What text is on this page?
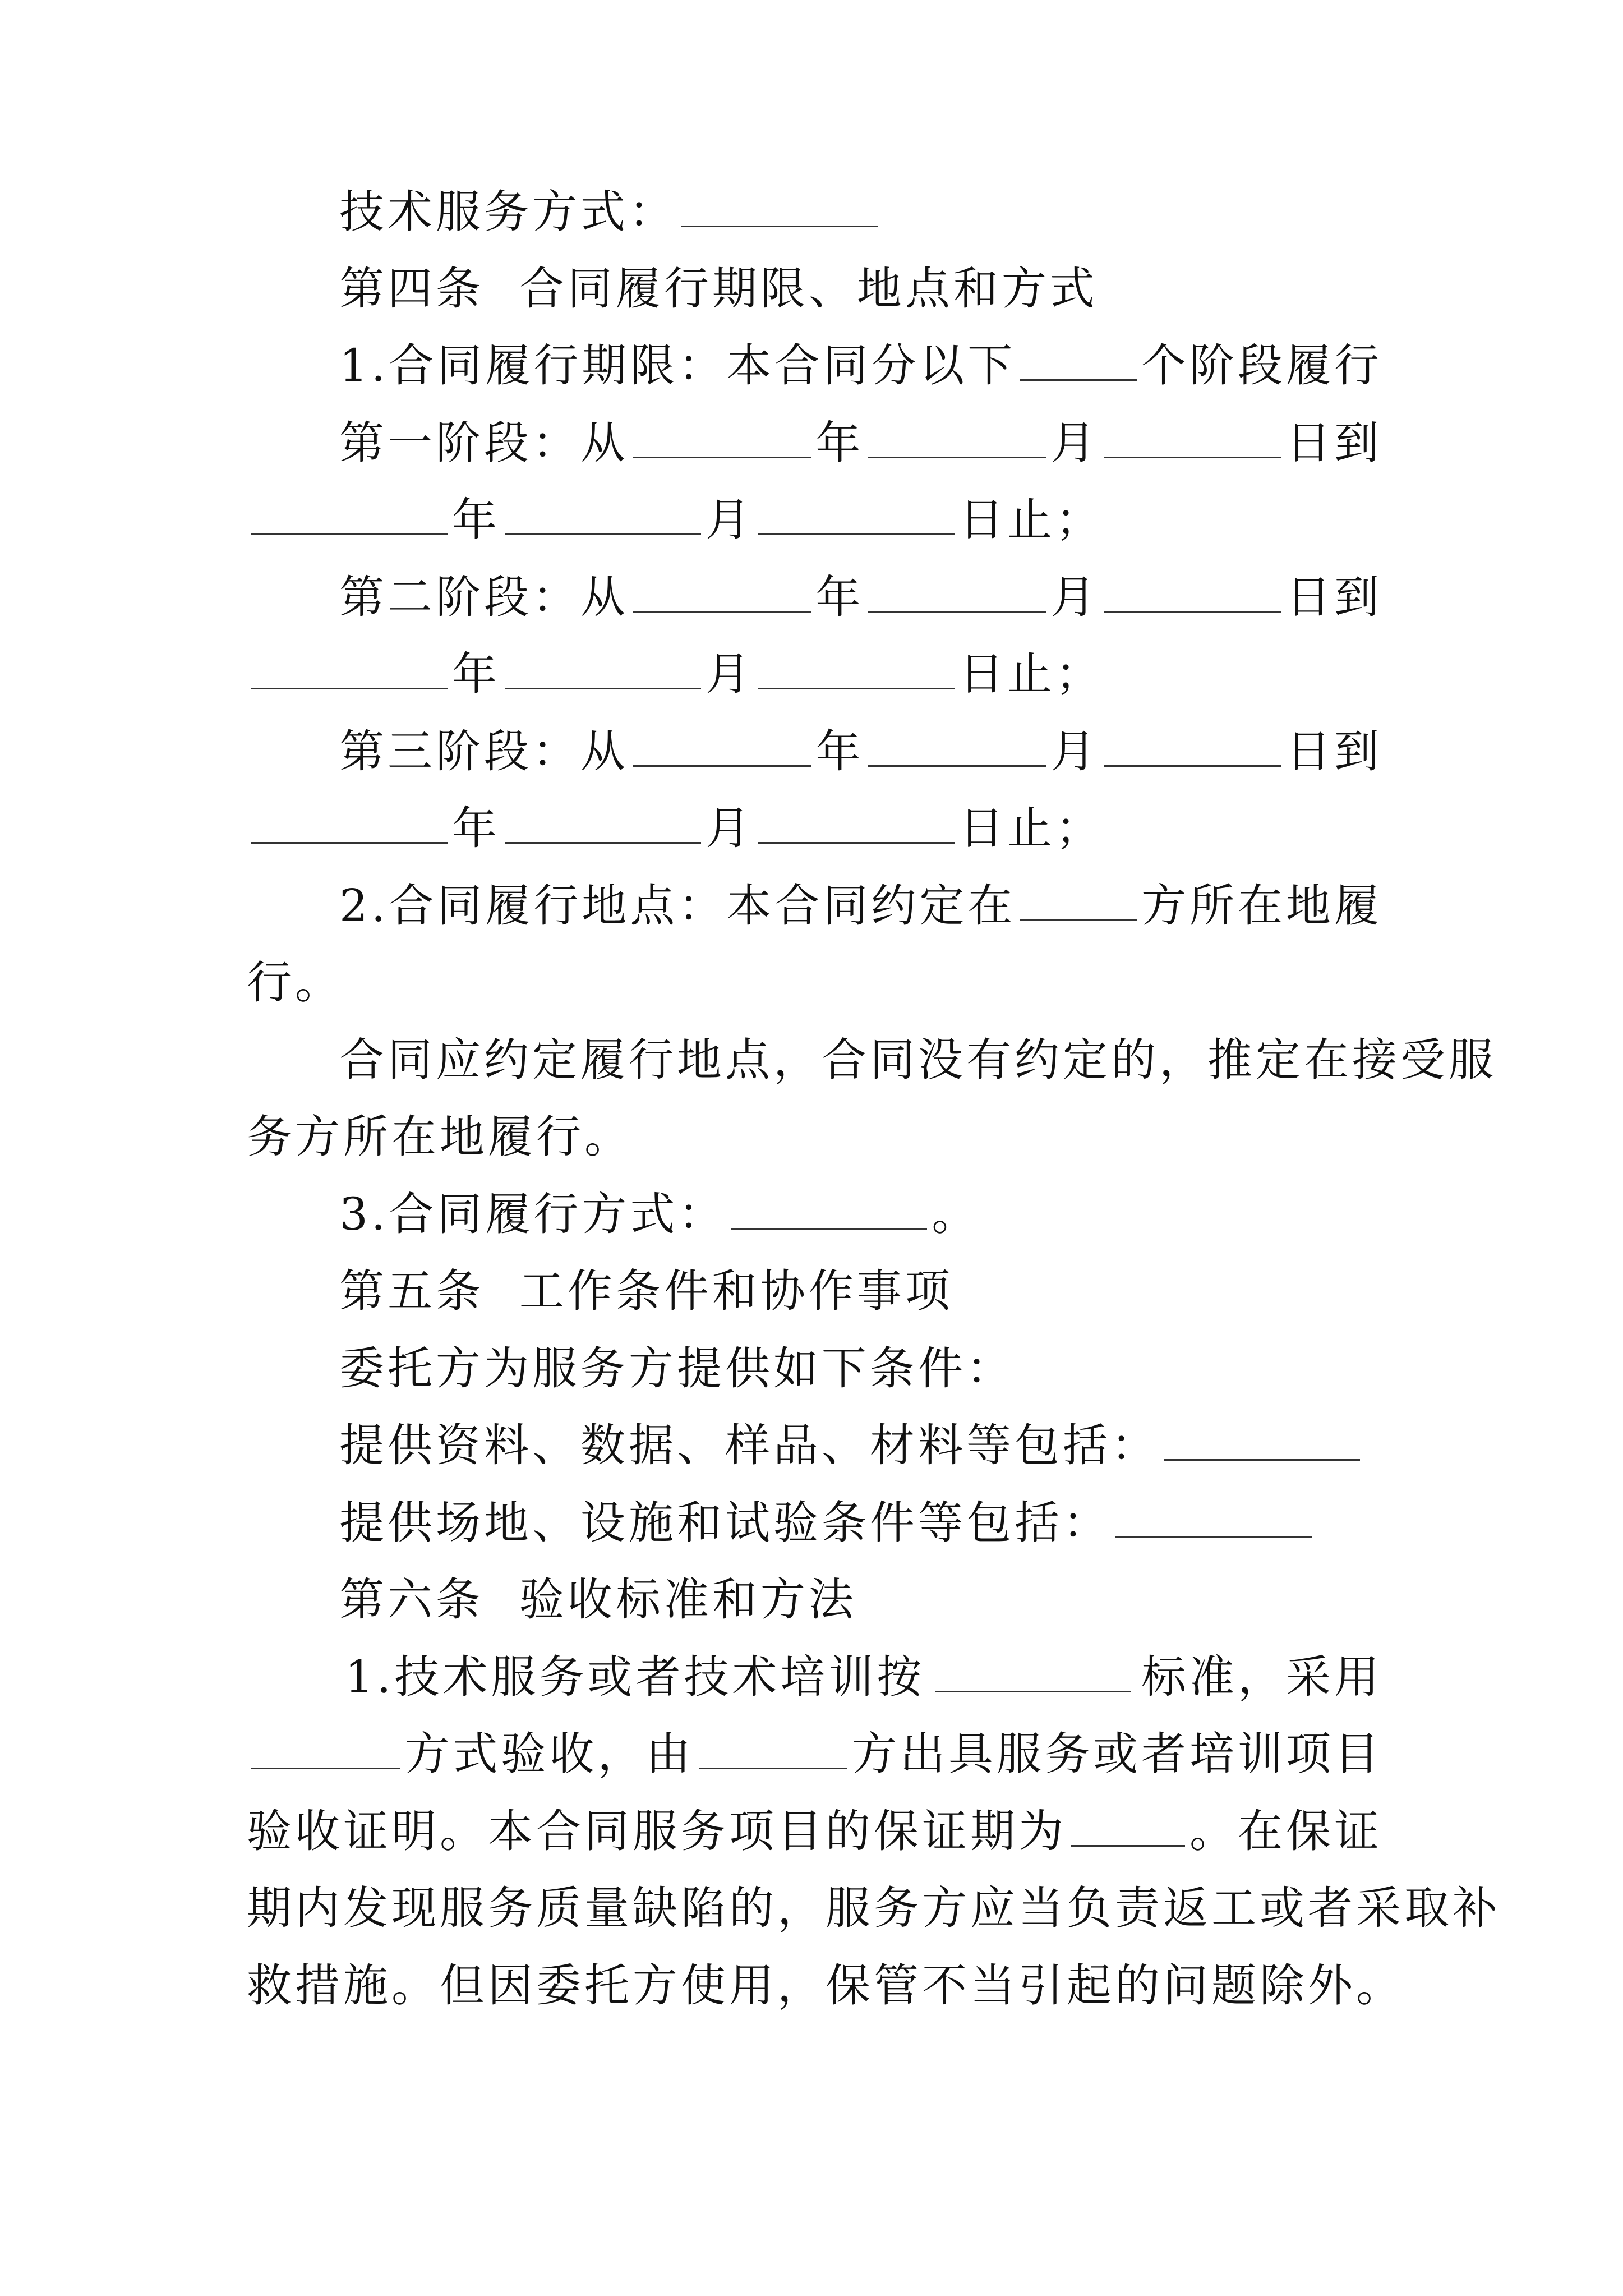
技术服务方式：
第四条  合同履行期限、地点和方式
1.合同履行期限：本合同分以下	个阶段履行
第一阶段：从	年	月	日到
年	月	日止；
第二阶段：从	年	月	日到
年	月	日止；
第三阶段：从	年	月	日到
年	月	日止；
2.合同履行地点：本合同约定在	方所在地履
行。
合同应约定履行地点，合同没有约定的，推定在接受服
务方所在地履行。
3.合同履行方式：	。
第五条  工作条件和协作事项
委托方为服务方提供如下条件：
提供资料、数据、样品、材料等包括：
提供场地、设施和试验条件等包括：
第六条  验收标准和方法
1.技术服务或者技术培训按	标准，采用
方式验收，由	方出具服务或者培训项目
验收证明。本合同服务项目的保证期为	。在保证
期内发现服务质量缺陷的，服务方应当负责返工或者采取补
救措施。但因委托方使用，保管不当引起的问题除外。
